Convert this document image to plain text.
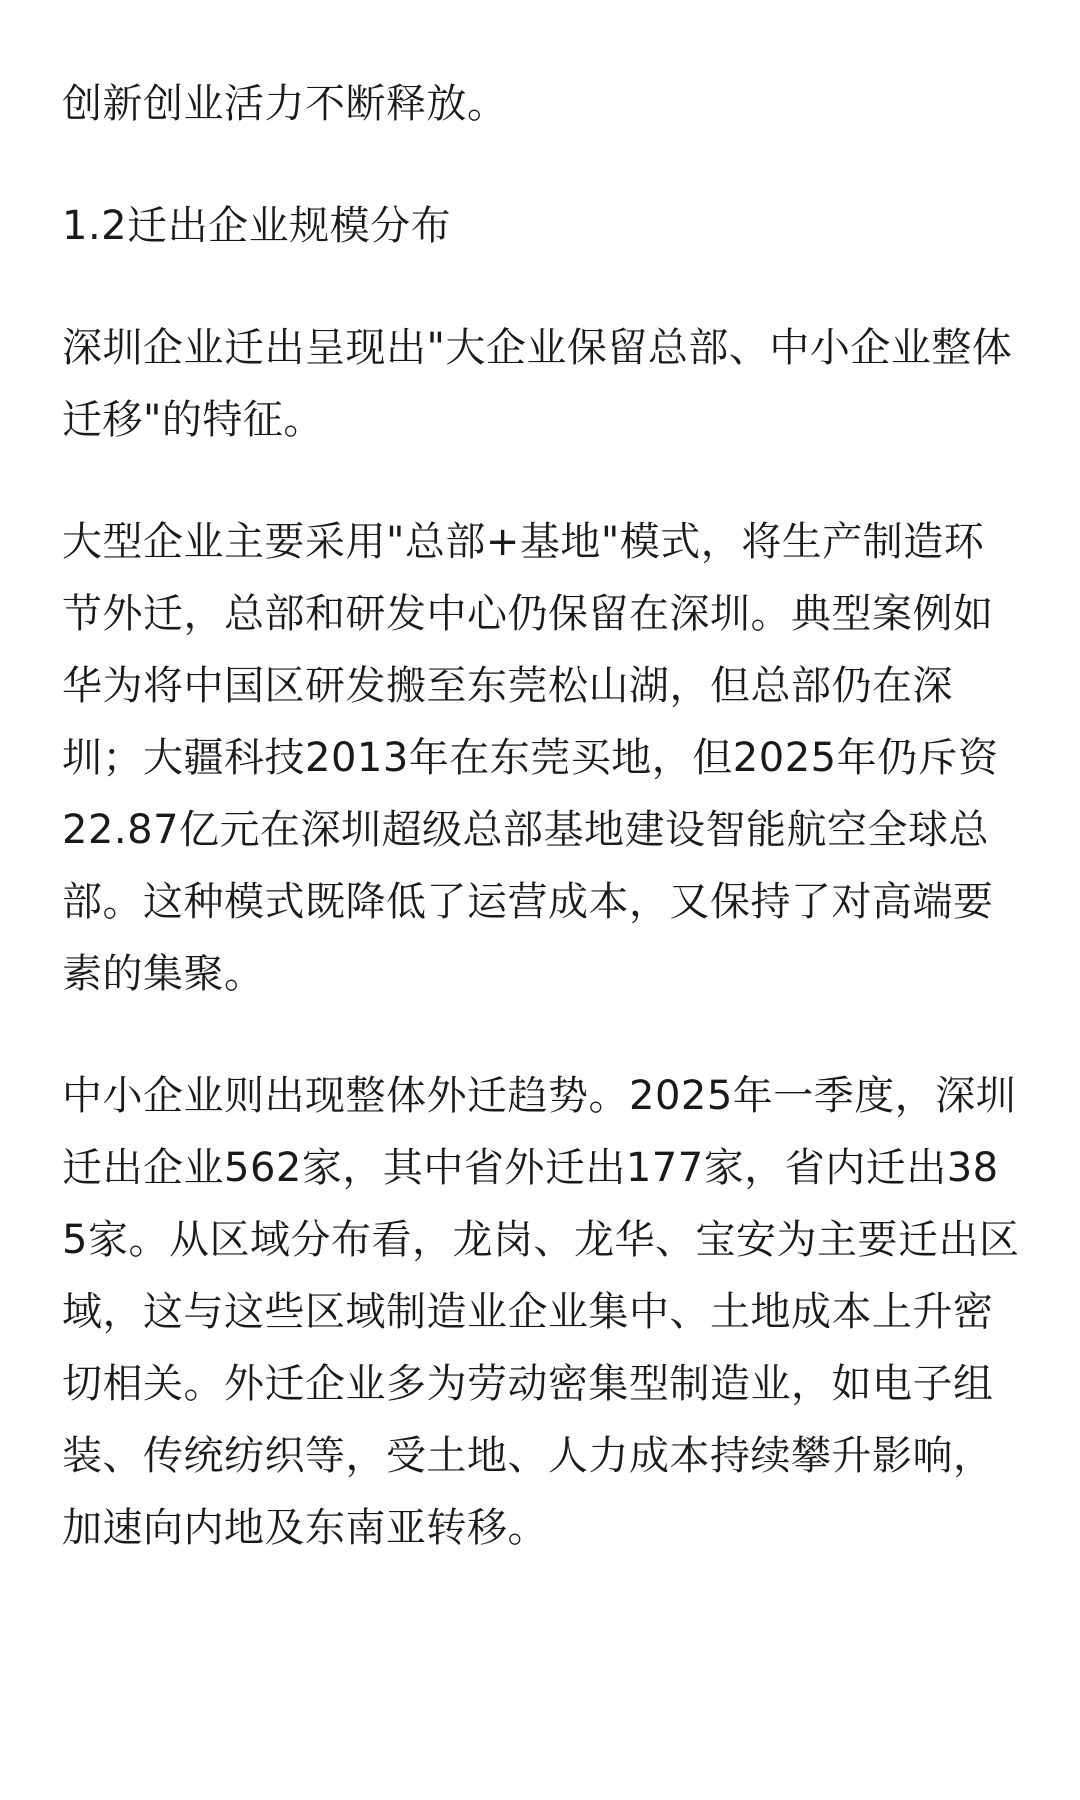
创新创业活力不断释放。

1.2迁出企业规模分布

深圳企业迁出呈现出"大企业保留总部、中小企业整体迁移"的特征。

大型企业主要采用"总部+基地"模式，将生产制造环节外迁，总部和研发中心仍保留在深圳。典型案例如华为将中国区研发搬至东莞松山湖，但总部仍在深圳；大疆科技2013年在东莞买地，但2025年仍斥资22.87亿元在深圳超级总部基地建设智能航空全球总部。这种模式既降低了运营成本，又保持了对高端要素的集聚。

中小企业则出现整体外迁趋势。2025年一季度，深圳迁出企业562家，其中省外迁出177家，省内迁出385家。从区域分布看，龙岗、龙华、宝安为主要迁出区域，这与这些区域制造业企业集中、土地成本上升密切相关。外迁企业多为劳动密集型制造业，如电子组装、传统纺织等，受土地、人力成本持续攀升影响，加速向内地及东南亚转移。
